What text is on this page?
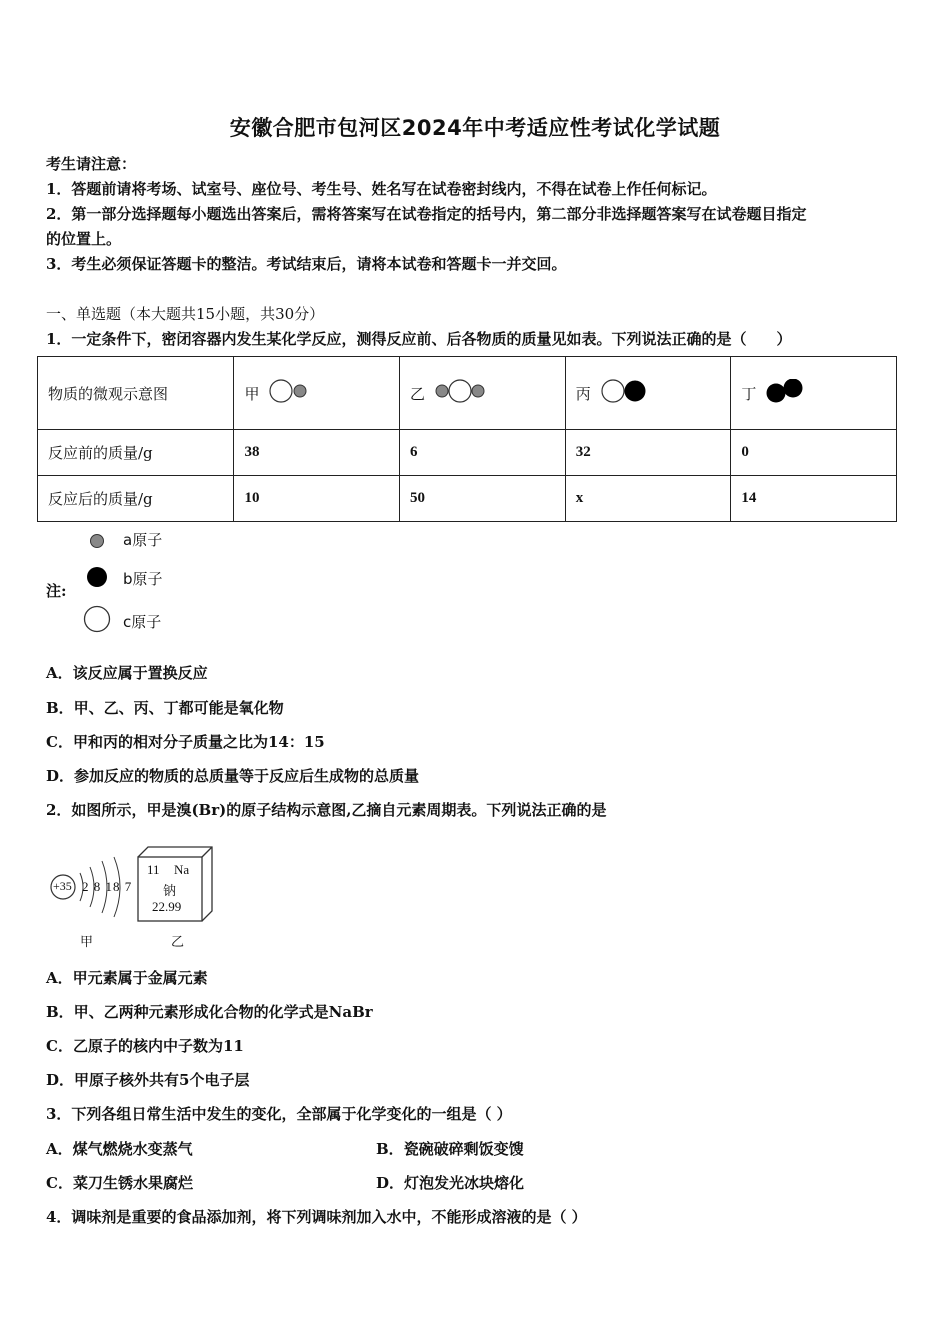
安徽合肥市包河区2024年中考适应性考试化学试题
考生请注意：
1．答题前请将考场、试室号、座位号、考生号、姓名写在试卷密封线内，不得在试卷上作任何标记。
2．第一部分选择题每小题选出答案后，需将答案写在试卷指定的括号内，第二部分非选择题答案写在试卷题目指定
的位置上。
3．考生必须保证答题卡的整洁。考试结束后，请将本试卷和答题卡一并交回。
一、单选题（本大题共15小题，共30分）
1．一定条件下，密闭容器内发生某化学反应，测得反应前、后各物质的质量见如表。下列说法正确的是（　　）
物质的微观示意图	甲	乙	丙	丁
反应前的质量/g	38	6	32	0
反应后的质量/g	10	50	x	14
注:
a原子
b原子
c原子
A．该反应属于置换反应
B．甲、乙、丙、丁都可能是氧化物
C．甲和丙的相对分子质量之比为14：15
D．参加反应的物质的总质量等于反应后生成物的总质量
2．如图所示，甲是溴(Br)的原子结构示意图,乙摘自元素周期表。下列说法正确的是
+35 2 8 18 7
11 Na
钠
22.99
甲	乙
A．甲元素属于金属元素
B．甲、乙两种元素形成化合物的化学式是NaBr
C．乙原子的核内中子数为11
D．甲原子核外共有5个电子层
3．下列各组日常生活中发生的变化，全部属于化学变化的一组是（ ）
A．煤气燃烧水变蒸气	B．瓷碗破碎剩饭变馊
C．菜刀生锈水果腐烂	D．灯泡发光冰块熔化
4．调味剂是重要的食品添加剂，将下列调味剂加入水中，不能形成溶液的是（ ）
